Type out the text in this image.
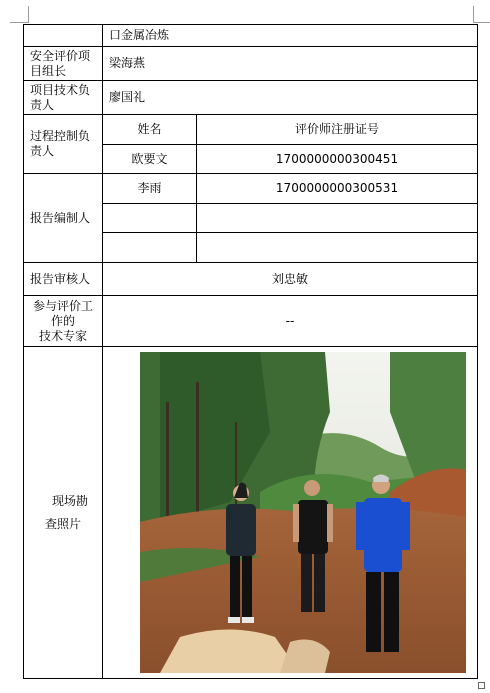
	口金属冶炼	
安全评价项目组长	梁海燕	
项目技术负责人	廖国礼	
过程控制负责人	姓名	评价师注册证号
	欧要文	1700000000300451
报告编制人	李雨	1700000000300531

报告审核人	刘忠敏	

参与评价工
作的
技术专家	--	

现场勘
查照片
